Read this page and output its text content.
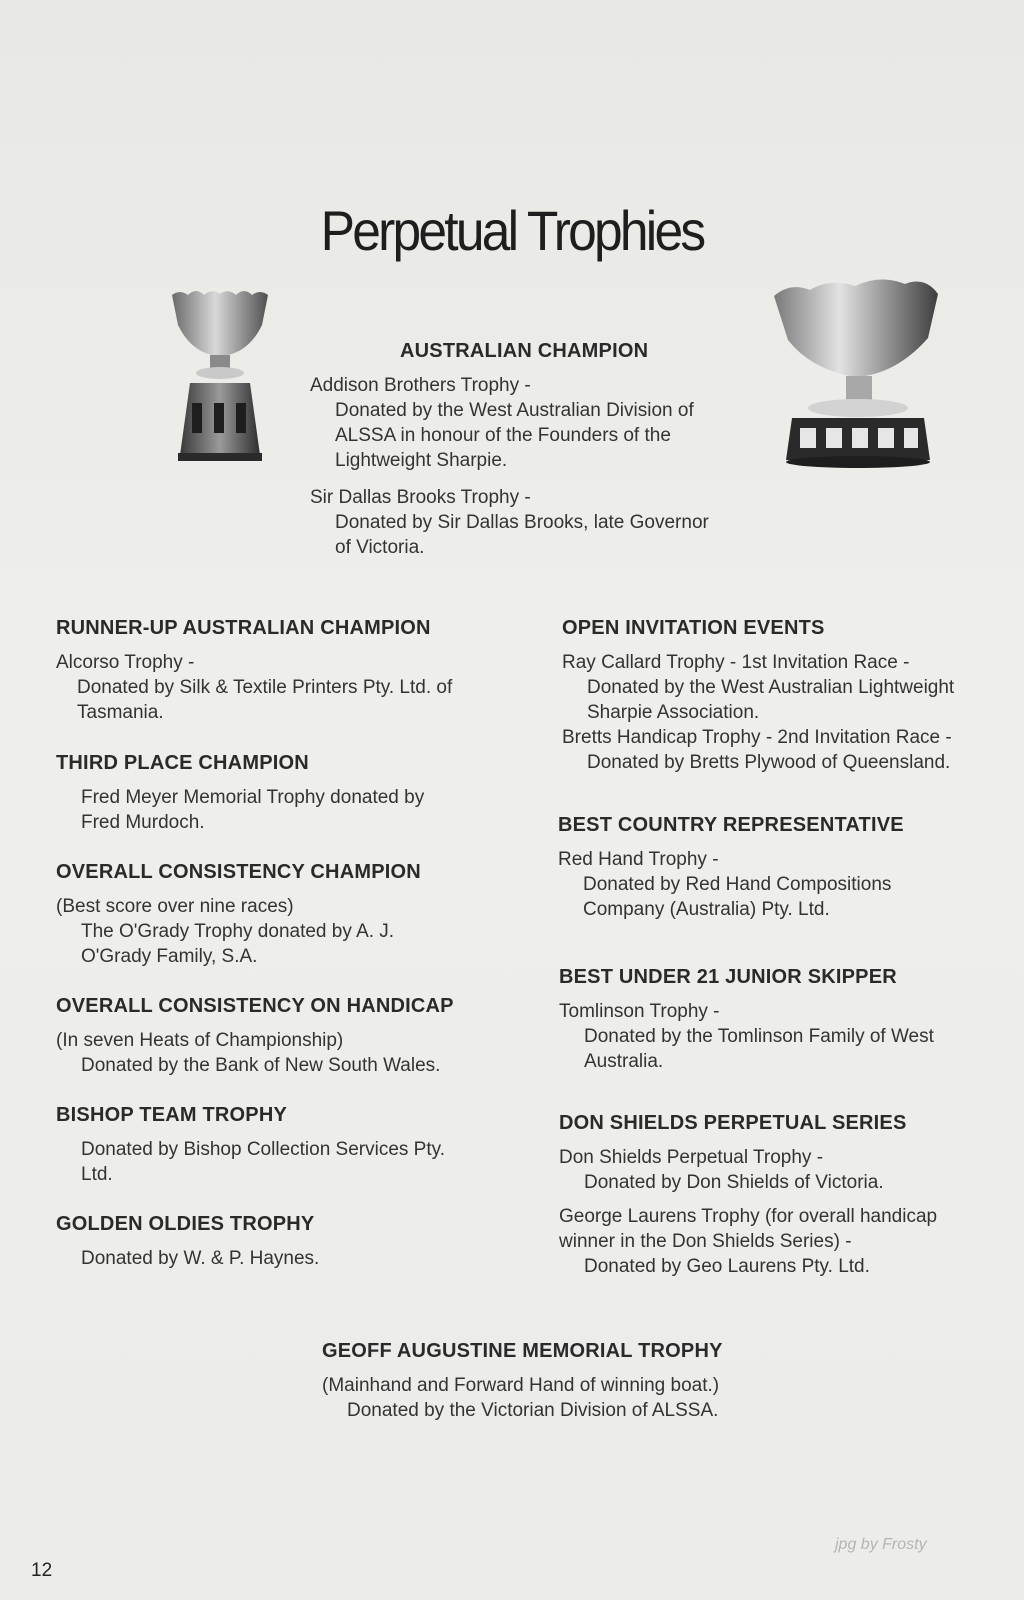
Perpetual Trophies

AUSTRALIAN CHAMPION

Addison Brothers Trophy -

Donated by the West Australian Division of

ALSSA in honour of the Founders of the

Lightweight Sharpie.

Sir Dallas Brooks Trophy -

Donated by Sir Dallas Brooks, late Governor

of Victoria.

RUNNER-UP AUSTRALIAN CHAMPION

Alcorso Trophy -

Donated by Silk & Textile Printers Pty. Ltd. of

Tasmania.

THIRD PLACE CHAMPION

Fred Meyer Memorial Trophy donated by

Fred Murdoch.

OVERALL CONSISTENCY CHAMPION

(Best score over nine races)

The O'Grady Trophy donated by A. J.

O'Grady Family, S.A.

OVERALL CONSISTENCY ON HANDICAP

(In seven Heats of Championship)

Donated by the Bank of New South Wales.

BISHOP TEAM TROPHY

Donated by Bishop Collection Services Pty.

Ltd.

GOLDEN OLDIES TROPHY

Donated by W. & P. Haynes.

OPEN INVITATION EVENTS

Ray Callard Trophy - 1st Invitation Race -

Donated by the West Australian Lightweight

Sharpie Association.

Bretts Handicap Trophy - 2nd Invitation Race -

Donated by Bretts Plywood of Queensland.

BEST COUNTRY REPRESENTATIVE

Red Hand Trophy -

Donated by Red Hand Compositions

Company (Australia) Pty. Ltd.

BEST UNDER 21 JUNIOR SKIPPER

Tomlinson Trophy -

Donated by the Tomlinson Family of West

Australia.

DON SHIELDS PERPETUAL SERIES

Don Shields Perpetual Trophy -

Donated by Don Shields of Victoria.

George Laurens Trophy (for overall handicap

winner in the Don Shields Series) -

Donated by Geo Laurens Pty. Ltd.

GEOFF AUGUSTINE MEMORIAL TROPHY

(Mainhand and Forward Hand of winning boat.)

Donated by the Victorian Division of ALSSA.

12
jpg by Frosty
